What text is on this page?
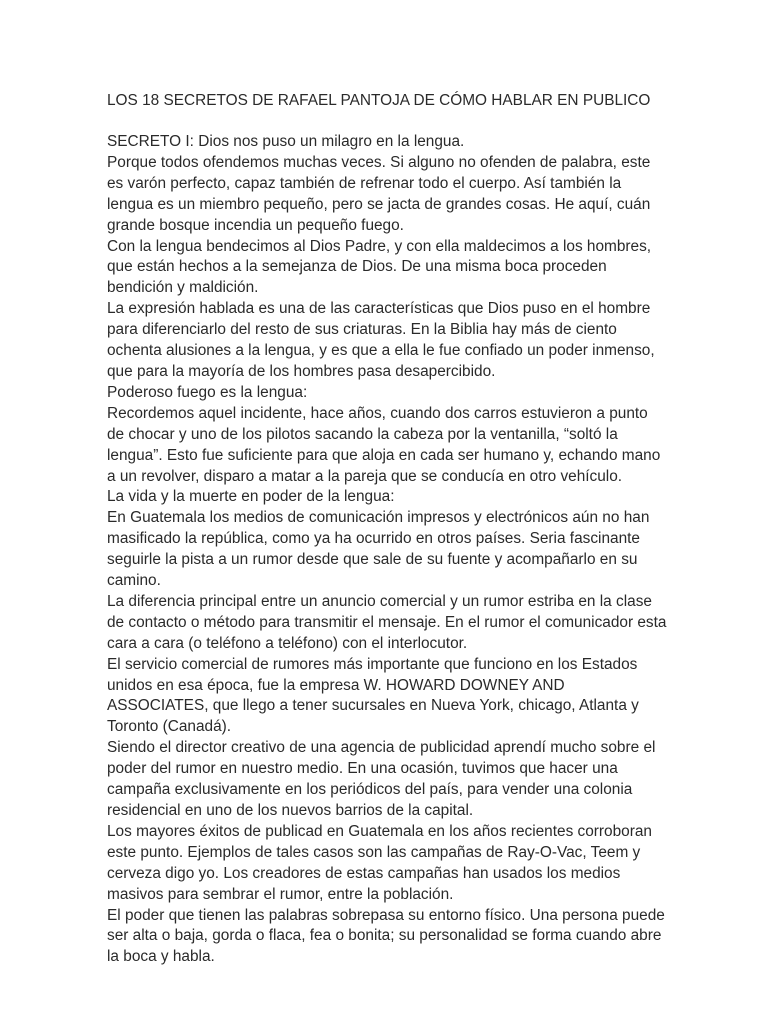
LOS 18 SECRETOS DE RAFAEL PANTOJA DE CÓMO HABLAR EN PUBLICO

SECRETO I: Dios nos puso un milagro en la lengua.

Porque todos ofendemos muchas veces. Si alguno no ofenden de palabra, este es varón perfecto, capaz también de refrenar todo el cuerpo. Así también la lengua es un miembro pequeño, pero se jacta de grandes cosas. He aquí, cuán grande bosque incendia un pequeño fuego.

Con la lengua bendecimos al Dios Padre, y con ella maldecimos a los hombres, que están hechos a la semejanza de Dios. De una misma boca proceden bendición y maldición.

La expresión hablada es una de las características que Dios puso en el hombre para diferenciarlo del resto de sus criaturas. En la Biblia hay más de ciento ochenta alusiones a la lengua, y es que a ella le fue confiado un poder inmenso, que para la mayoría de los hombres pasa desapercibido.

Poderoso fuego es la lengua:

Recordemos aquel incidente, hace años, cuando dos carros estuvieron a punto de chocar y uno de los pilotos sacando la cabeza por la ventanilla, “soltó la lengua”. Esto fue suficiente para que aloja en cada ser humano y, echando mano a un revolver, disparo a matar a la pareja que se conducía en otro vehículo.

La vida y la muerte en poder de la lengua:

En Guatemala los medios de comunicación impresos y electrónicos aún no han masificado la república, como ya ha ocurrido en otros países. Seria fascinante seguirle la pista a un rumor desde que sale de su fuente y acompañarlo en su camino.

La diferencia principal entre un anuncio comercial y un rumor estriba en la clase de contacto o método para transmitir el mensaje. En el rumor el comunicador esta cara a cara (o teléfono a teléfono) con el interlocutor.

El servicio comercial de rumores más importante que funciono en los Estados unidos en esa época, fue la empresa W. HOWARD DOWNEY AND ASSOCIATES, que llego a tener sucursales en Nueva York, chicago, Atlanta y Toronto (Canadá).

Siendo el director creativo de una agencia de publicidad aprendí mucho sobre el poder del rumor en nuestro medio. En una ocasión, tuvimos que hacer una campaña exclusivamente en los periódicos del país, para vender una colonia residencial en uno de los nuevos barrios de la capital.

Los mayores éxitos de publicad en Guatemala en los años recientes corroboran este punto. Ejemplos de tales casos son las campañas de Ray-O-Vac, Teem y cerveza digo yo. Los creadores de estas campañas han usados los medios masivos para sembrar el rumor, entre la población.

El poder que tienen las palabras sobrepasa su entorno físico. Una persona puede ser alta o baja, gorda o flaca, fea o bonita; su personalidad se forma cuando abre la boca y habla.
